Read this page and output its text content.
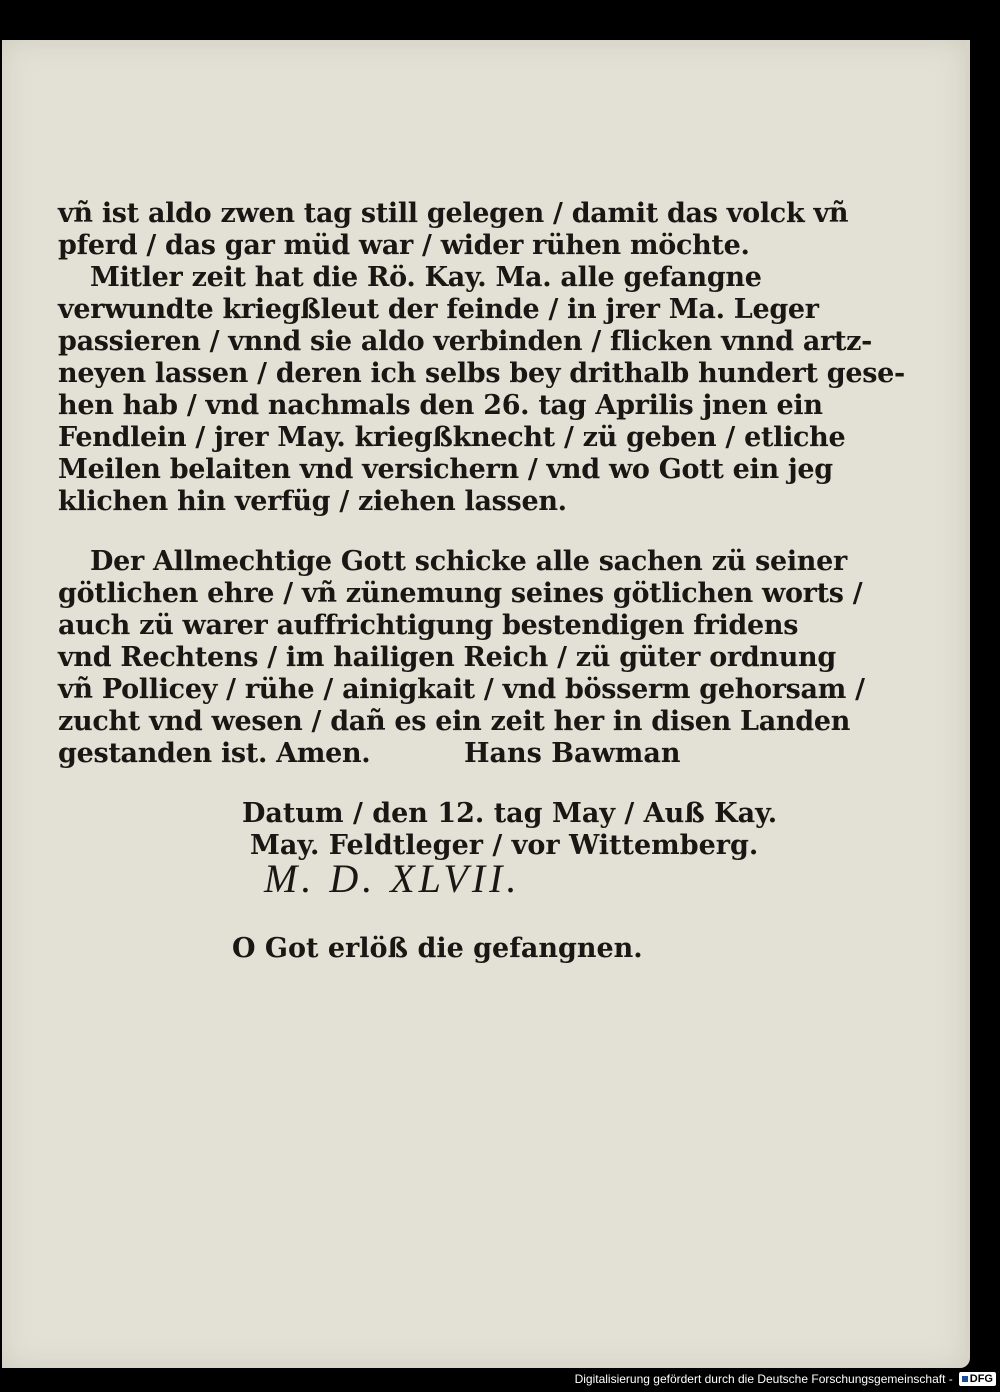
vñ ist aldo zwen tag still gelegen / damit das volck vñ
pferd / das gar müd war / wider rühen möchte.
Mitler zeit hat die Rö. Kay. Ma. alle gefangne
verwundte kriegßleut der feinde / in jrer Ma. Leger
passieren / vnnd sie aldo verbinden / flicken vnnd artz-
neyen lassen / deren ich selbs bey drithalb hundert gese-
hen hab / vnd nachmals den 26. tag Aprilis jnen ein
Fendlein / jrer May. kriegßknecht / zü geben / etliche
Meilen belaiten vnd versichern / vnd wo Gott ein jeg
klichen hin verfüg / ziehen lassen.
Der Allmechtige Gott schicke alle sachen zü seiner
götlichen ehre / vñ zünemung seines götlichen worts /
auch zü warer auffrichtigung bestendigen fridens
vnd Rechtens / im hailigen Reich / zü güter ordnung
vñ Pollicey / rühe / ainigkait / vnd bösserm gehorsam /
zucht vnd wesen / dañ es ein zeit her in disen Landen
gestanden ist. Amen.	Hans Bawman
Datum / den 12. tag May / Auß Kay.
May. Feldtleger / vor Wittemberg.
M. D. XLVII.
O Got erlöß die gefangnen.
Digitalisierung gefördert durch die Deutsche Forschungsgemeinschaft - DFG
